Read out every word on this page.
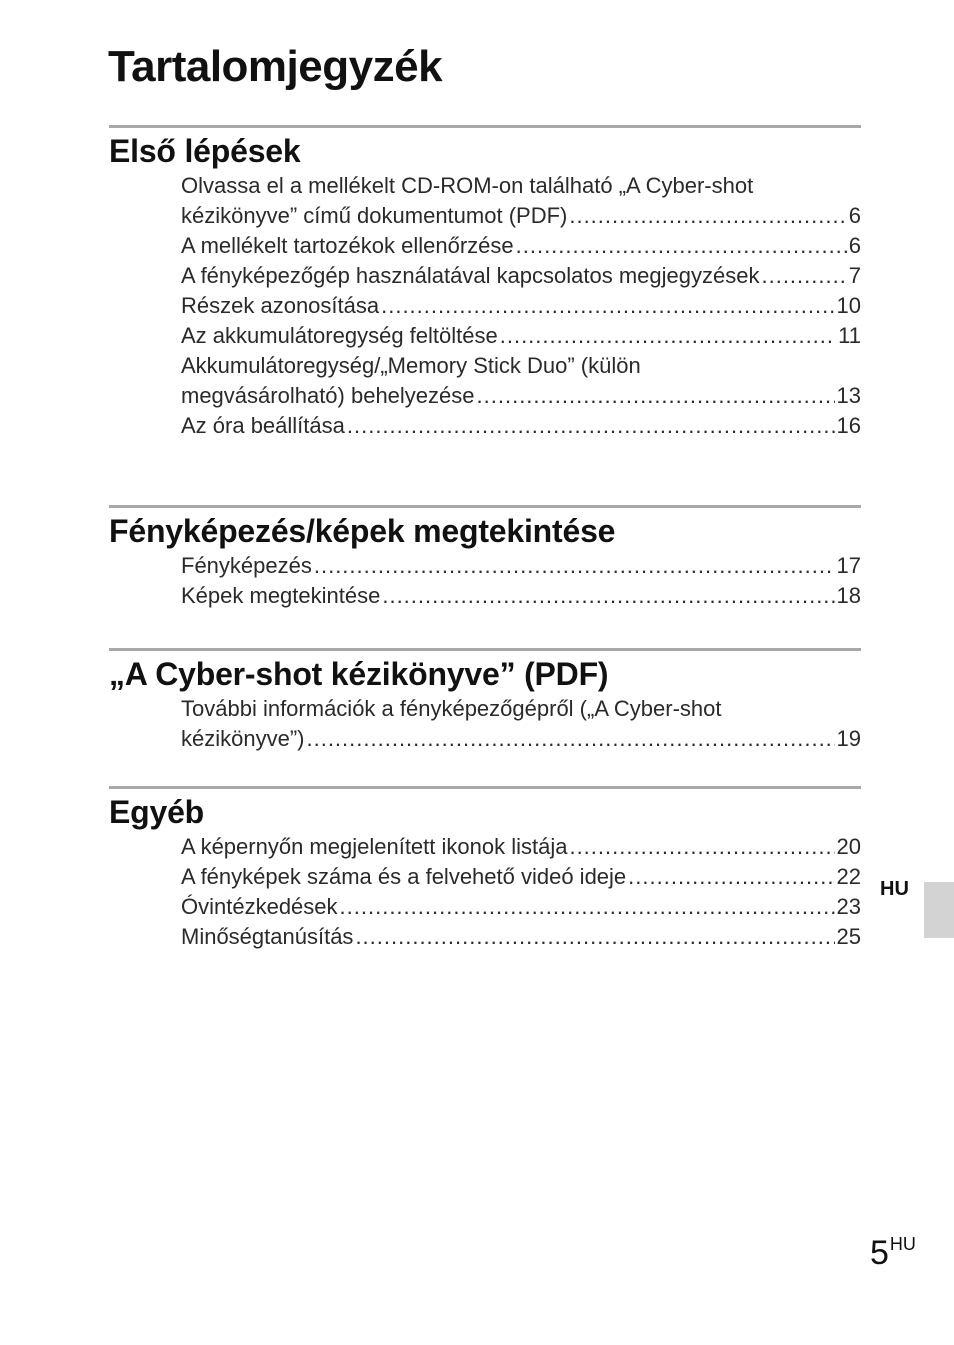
Tartalomjegyzék
Első lépések
Olvassa el a mellékelt CD-ROM-on található „A Cyber-shot
kézikönyve” című dokumentumot (PDF) .....	6
A mellékelt tartozékok ellenőrzése .....	6
A fényképezőgép használatával kapcsolatos megjegyzések .....	7
Részek azonosítása .....	10
Az akkumulátoregység feltöltése .....	11
Akkumulátoregység/„Memory Stick Duo” (külön
megvásárolható) behelyezése .....	13
Az óra beállítása .....	16
Fényképezés/képek megtekintése
Fényképezés .....	17
Képek megtekintése .....	18
„A Cyber-shot kézikönyve” (PDF)
További információk a fényképezőgépről („A Cyber-shot
kézikönyve”) .....	19
Egyéb
A képernyőn megjelenített ikonok listája .....	20
A fényképek száma és a felvehető videó ideje .....	22
Óvintézkedések .....	23
Minőségtanúsítás .....	25
HU
$5^{HU}$
